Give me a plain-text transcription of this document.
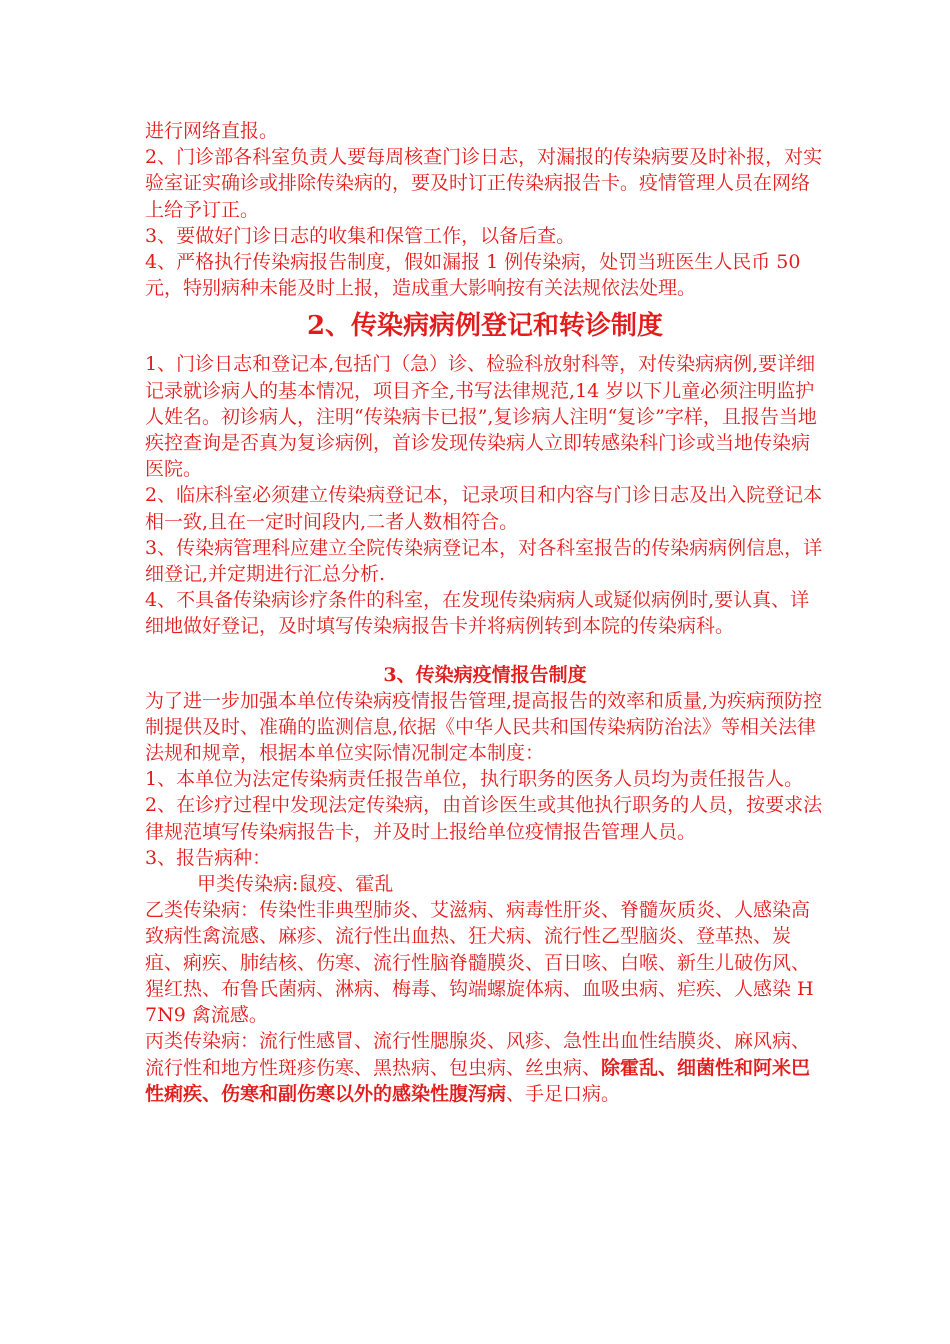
进行网络直报。

2、门诊部各科室负责人要每周核查门诊日志，对漏报的传染病要及时补报，对实验室证实确诊或排除传染病的，要及时订正传染病报告卡。疫情管理人员在网络上给予订正。

3、要做好门诊日志的收集和保管工作，以备后查。

4、严格执行传染病报告制度，假如漏报 1 例传染病，处罚当班医生人民币 50 元，特别病种未能及时上报，造成重大影响按有关法规依法处理。

2、传染病病例登记和转诊制度

1、门诊日志和登记本,包括门（急）诊、检验科放射科等，对传染病病例,要详细记录就诊病人的基本情况，项目齐全,书写法律规范,14 岁以下儿童必须注明监护人姓名。初诊病人，注明“传染病卡已报”,复诊病人注明“复诊”字样，且报告当地疾控查询是否真为复诊病例，首诊发现传染病人立即转感染科门诊或当地传染病医院。

2、临床科室必须建立传染病登记本，记录项目和内容与门诊日志及出入院登记本相一致,且在一定时间段内,二者人数相符合。

3、传染病管理科应建立全院传染病登记本，对各科室报告的传染病病例信息，详细登记,并定期进行汇总分析.

4、不具备传染病诊疗条件的科室，在发现传染病病人或疑似病例时,要认真、详细地做好登记，及时填写传染病报告卡并将病例转到本院的传染病科。

3、传染病疫情报告制度

为了进一步加强本单位传染病疫情报告管理,提高报告的效率和质量,为疾病预防控制提供及时、准确的监测信息,依据《中华人民共和国传染病防治法》等相关法律法规和规章，根据本单位实际情况制定本制度：

1、本单位为法定传染病责任报告单位，执行职务的医务人员均为责任报告人。

2、在诊疗过程中发现法定传染病，由首诊医生或其他执行职务的人员，按要求法律规范填写传染病报告卡，并及时上报给单位疫情报告管理人员。

3、报告病种：

甲类传染病:鼠疫、霍乱

乙类传染病：传染性非典型肺炎、艾滋病、病毒性肝炎、脊髓灰质炎、人感染高致病性禽流感、麻疹、流行性出血热、狂犬病、流行性乙型脑炎、登革热、炭疽、痢疾、肺结核、伤寒、流行性脑脊髓膜炎、百日咳、白喉、新生儿破伤风、猩红热、布鲁氏菌病、淋病、梅毒、钩端螺旋体病、血吸虫病、疟疾、人感染 H7N9 禽流感。

丙类传染病：流行性感冒、流行性腮腺炎、风疹、急性出血性结膜炎、麻风病、流行性和地方性斑疹伤寒、黑热病、包虫病、丝虫病、除霍乱、细菌性和阿米巴性痢疾、伤寒和副伤寒以外的感染性腹泻病、手足口病。
